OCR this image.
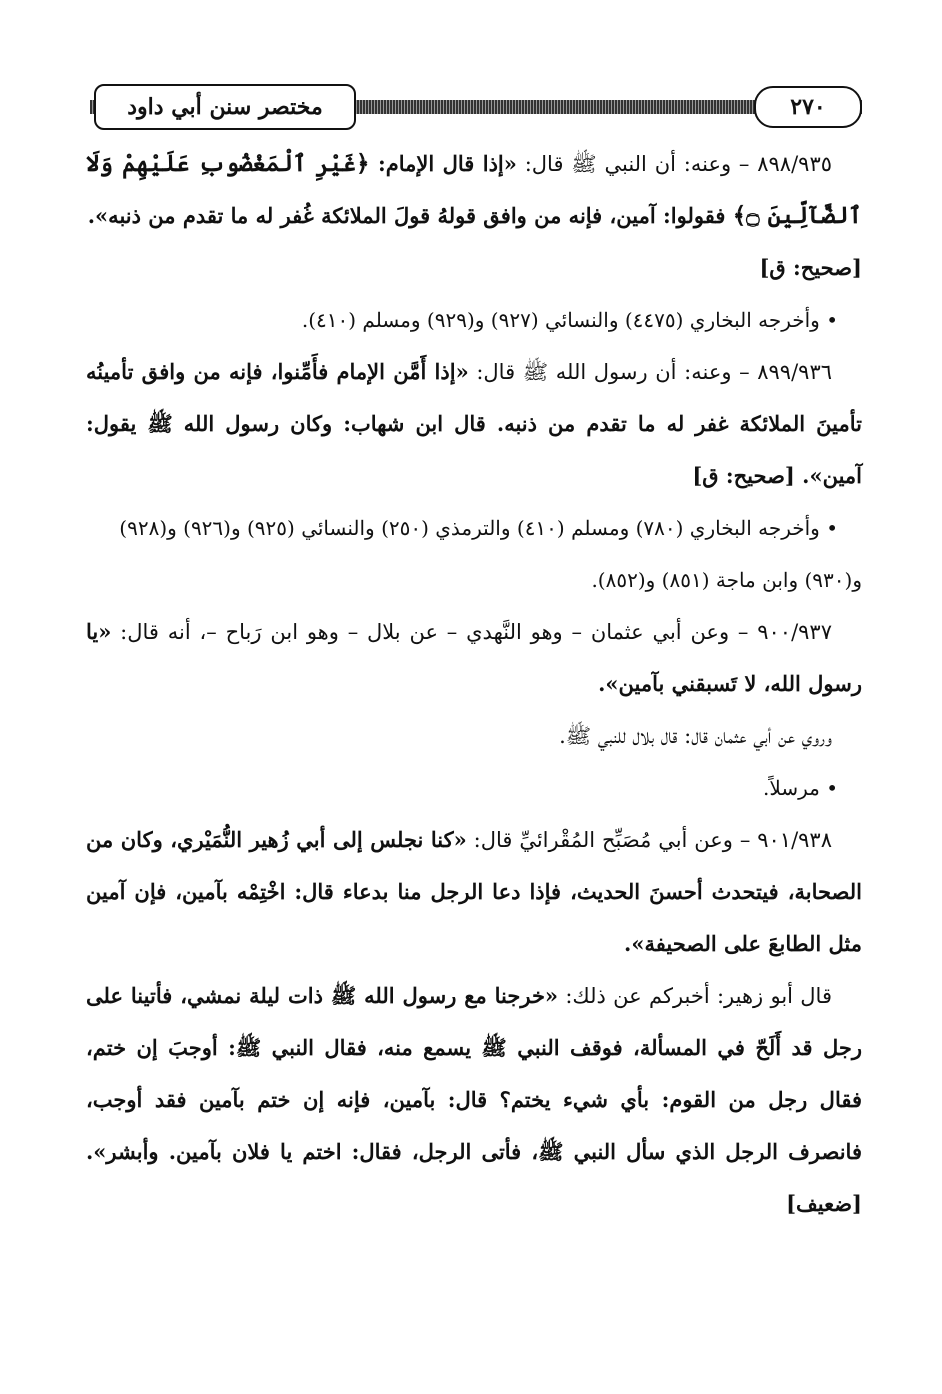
٢٧٠
مختصر سنن أبي داود

٨٩٨/٩٣٥ – وعنه: أن النبي ﷺ قال: «إذا قال الإمام: ﴿غَيْرِ ٱلْمَغْضُوبِ عَلَيْهِمْ وَلَا ٱلضَّآلِّينَ ۝﴾ فقولوا: آمين، فإنه من وافق قولهُ قولَ الملائكة غُفر له ما تقدم من ذنبه».

[صحيح: ق]

• وأخرجه البخاري (٤٤٧٥) والنسائي (٩٢٧) و(٩٢٩) ومسلم (٤١٠).

٨٩٩/٩٣٦ – وعنه: أن رسول الله ﷺ قال: «إذا أَمَّن الإمام فأَمِّنوا، فإنه من وافق تأمينُه تأمينَ الملائكة غفر له ما تقدم من ذنبه. قال ابن شهاب: وكان رسول الله ﷺ يقول: آمين». [صحيح: ق]

• وأخرجه البخاري (٧٨٠) ومسلم (٤١٠) والترمذي (٢٥٠) والنسائي (٩٢٥) و(٩٢٦) و(٩٢٨) و(٩٣٠) وابن ماجة (٨٥١) و(٨٥٢).

٩٠٠/٩٣٧ – وعن أبي عثمان – وهو النَّهدي – عن بلال – وهو ابن رَباح –، أنه قال: «يا رسول الله، لا تَسبقني بآمين».

وروي عن أبي عثمان قال: قال بلال للنبي ﷺ.

• مرسلاً.

٩٠١/٩٣٨ – وعن أبي مُصَبِّح المُقْرائيِّ قال: «كنا نجلس إلى أبي زُهير النُّمَيْري، وكان من الصحابة، فيتحدث أحسنَ الحديث، فإذا دعا الرجل منا بدعاء قال: اخْتِمْه بآمين، فإن آمين مثل الطابعَ على الصحيفة».

قال أبو زهير: أخبركم عن ذلك: «خرجنا مع رسول الله ﷺ ذات ليلة نمشي، فأتينا على رجل قد أَلَحّ في المسألة، فوقف النبي ﷺ يسمع منه، فقال النبي ﷺ: أوجبَ إن ختم، فقال رجل من القوم: بأي شيء يختم؟ قال: بآمين، فإنه إن ختم بآمين فقد أوجب، فانصرف الرجل الذي سأل النبي ﷺ، فأتى الرجل، فقال: اختم يا فلان بآمين. وأبشر». [ضعيف]
